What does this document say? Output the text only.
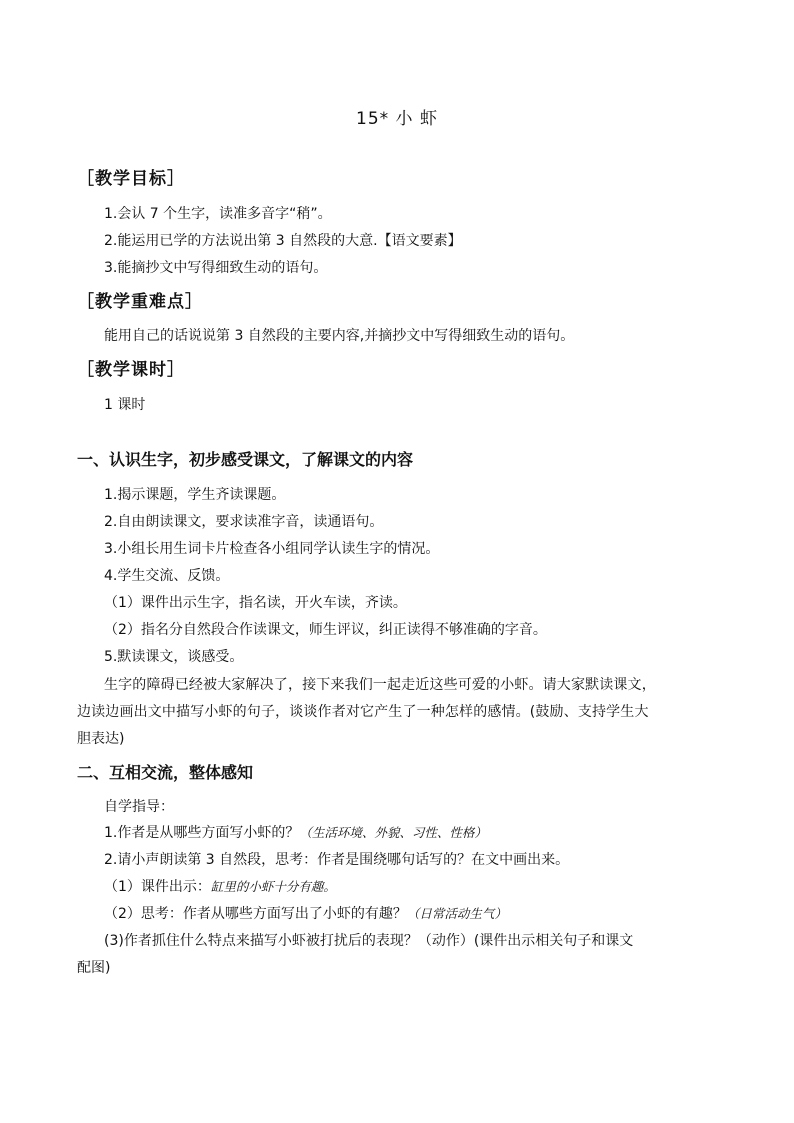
15* 小 虾
［教学目标］
1.会认 7 个生字，读准多音字“稍”。
2.能运用已学的方法说出第 3 自然段的大意.【语文要素】
3.能摘抄文中写得细致生动的语句。
［教学重难点］
能用自己的话说说第 3 自然段的主要内容,并摘抄文中写得细致生动的语句。
［教学课时］
1 课时
一、认识生字，初步感受课文，了解课文的内容
1.揭示课题，学生齐读课题。
2.自由朗读课文，要求读准字音，读通语句。
3.小组长用生词卡片检查各小组同学认读生字的情况。
4.学生交流、反馈。
（1）课件出示生字，指名读，开火车读，齐读。
（2）指名分自然段合作读课文，师生评议，纠正读得不够准确的字音。
5.默读课文，谈感受。
生字的障碍已经被大家解决了，接下来我们一起走近这些可爱的小虾。请大家默读课文，
边读边画出文中描写小虾的句子，谈谈作者对它产生了一种怎样的感情。(鼓励、支持学生大
胆表达)
二、互相交流，整体感知
自学指导：
1.作者是从哪些方面写小虾的？（生活环境、外貌、习性、性格）
2.请小声朗读第 3 自然段，思考：作者是围绕哪句话写的？在文中画出来。
（1）课件出示：缸里的小虾十分有趣。
（2）思考：作者从哪些方面写出了小虾的有趣？（日常活动生气）
(3)作者抓住什么特点来描写小虾被打扰后的表现？（动作）(课件出示相关句子和课文
配图)
